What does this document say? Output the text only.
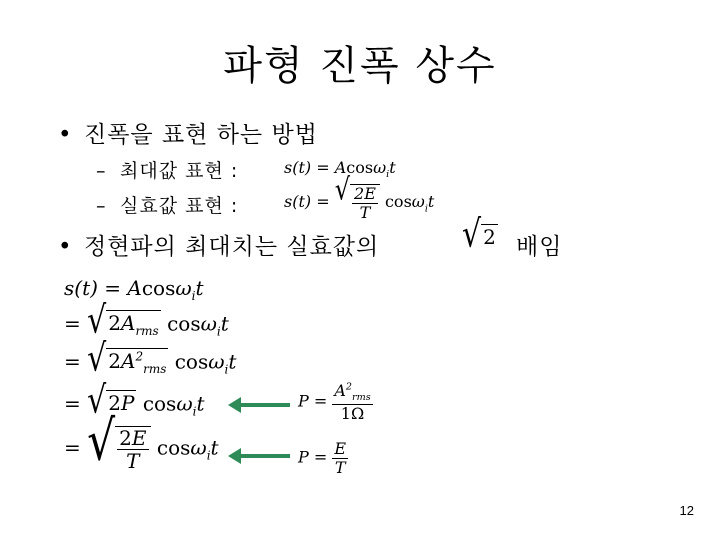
파형 진폭 상수
• 진폭을 표현 하는 방법
– 최대값 표현 :	s(t) = Acosω$_i$t
– 실효값 표현 :	s(t) = √ $\frac{2E}{T} \cos\omega_it$
• 정현파의 최대치는 실효값의	√ 2 배임
s(t) = Acosω$_i$t
= √ $2A_{rms}$ cosω$_i$t
= √ $2A^2_{rms}$ cosω$_i$t
= √ 2P cosω$_i$t
= √ $\frac{2E}{T} \cos\omega_it$
$P = \frac{A^2_{rms}}{1\Omega}$
$P = \frac{E}{T}$
12
